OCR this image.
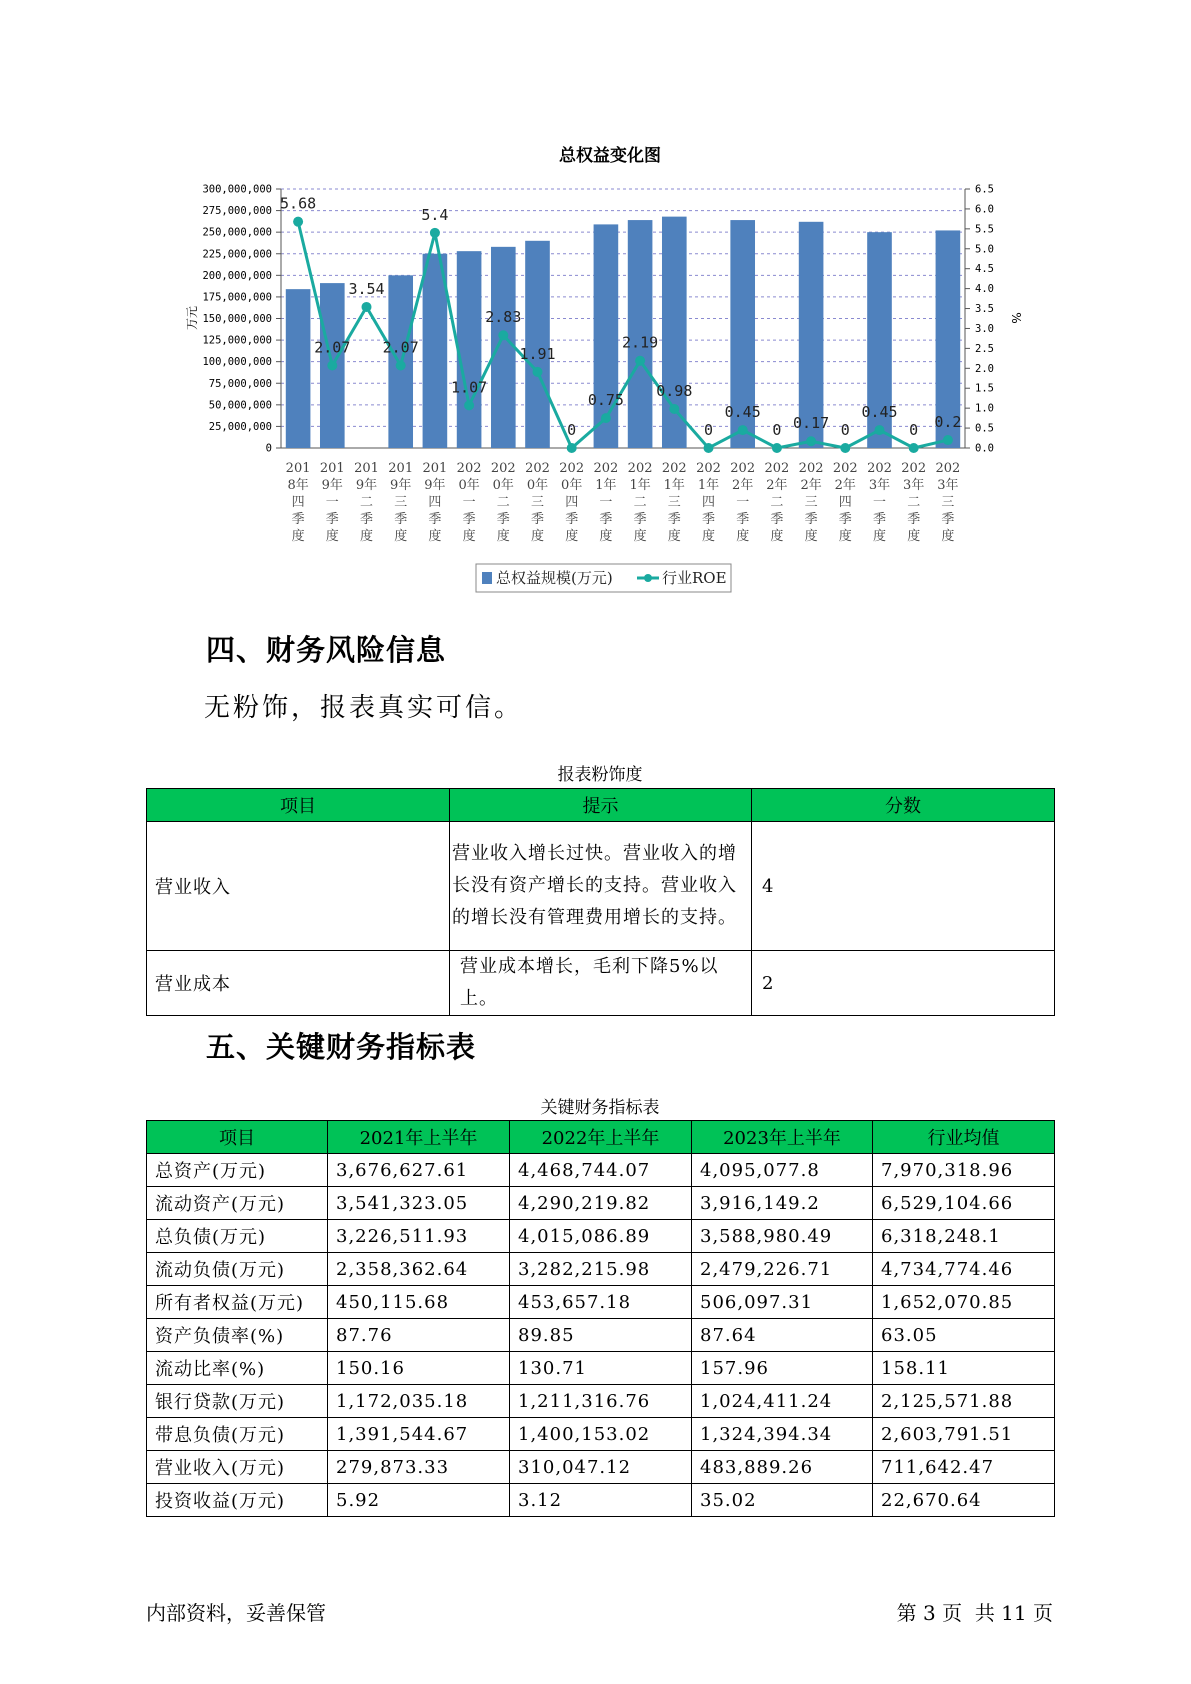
总权益变化图
0
25,000,000
50,000,000
75,000,000
100,000,000
125,000,000
150,000,000
175,000,000
200,000,000
225,000,000
250,000,000
275,000,000
300,000,000
0.0
0.5
1.0
1.5
2.0
2.5
3.0
3.5
4.0
4.5
5.0
5.5
6.0
6.5
万元	%
5.68
2.07
3.54
2.07
5.4
1.07
2.83
1.91
0
0.75
2.19
0.98
0
0.45
0 0.17 0
0.45
0 0.2
201 8年四季度
201 9年一季度
201 9年二季度
201 9年三季度
201 9年四季度
202 0年一季度
202 0年二季度
202 0年三季度
202 0年四季度
202 1年一季度
202 1年二季度
202 1年三季度
202 1年四季度
202 2年一季度
202 2年二季度
202 2年三季度
202 2年四季度
202 3年一季度
202 3年二季度
202 3年三季度
总权益规模(万元)	行业ROE
四、财务风险信息
无粉饰，报表真实可信。
报表粉饰度
项目	提示	分数
营业收入	营业收入增长过快。营业收入的增长没有资产增长的支持。营业收入的增长没有管理费用增长的支持。	4
营业成本	营业成本增长，毛利下降5%以上。	2
五、关键财务指标表
关键财务指标表
项目	2021年上半年	2022年上半年	2023年上半年	行业均值
总资产(万元)	3,676,627.61	4,468,744.07	4,095,077.8	7,970,318.96
流动资产(万元)	3,541,323.05	4,290,219.82	3,916,149.2	6,529,104.66
总负债(万元)	3,226,511.93	4,015,086.89	3,588,980.49	6,318,248.1
流动负债(万元)	2,358,362.64	3,282,215.98	2,479,226.71	4,734,774.46
所有者权益(万元)	450,115.68	453,657.18	506,097.31	1,652,070.85
资产负债率(%)	87.76	89.85	87.64	63.05
流动比率(%)	150.16	130.71	157.96	158.11
银行贷款(万元)	1,172,035.18	1,211,316.76	1,024,411.24	2,125,571.88
带息负债(万元)	1,391,544.67	1,400,153.02	1,324,394.34	2,603,791.51
营业收入(万元)	279,873.33	310,047.12	483,889.26	711,642.47
投资收益(万元)	5.92	3.12	35.02	22,670.64
内部资料，妥善保管	第 3 页  共 11 页
